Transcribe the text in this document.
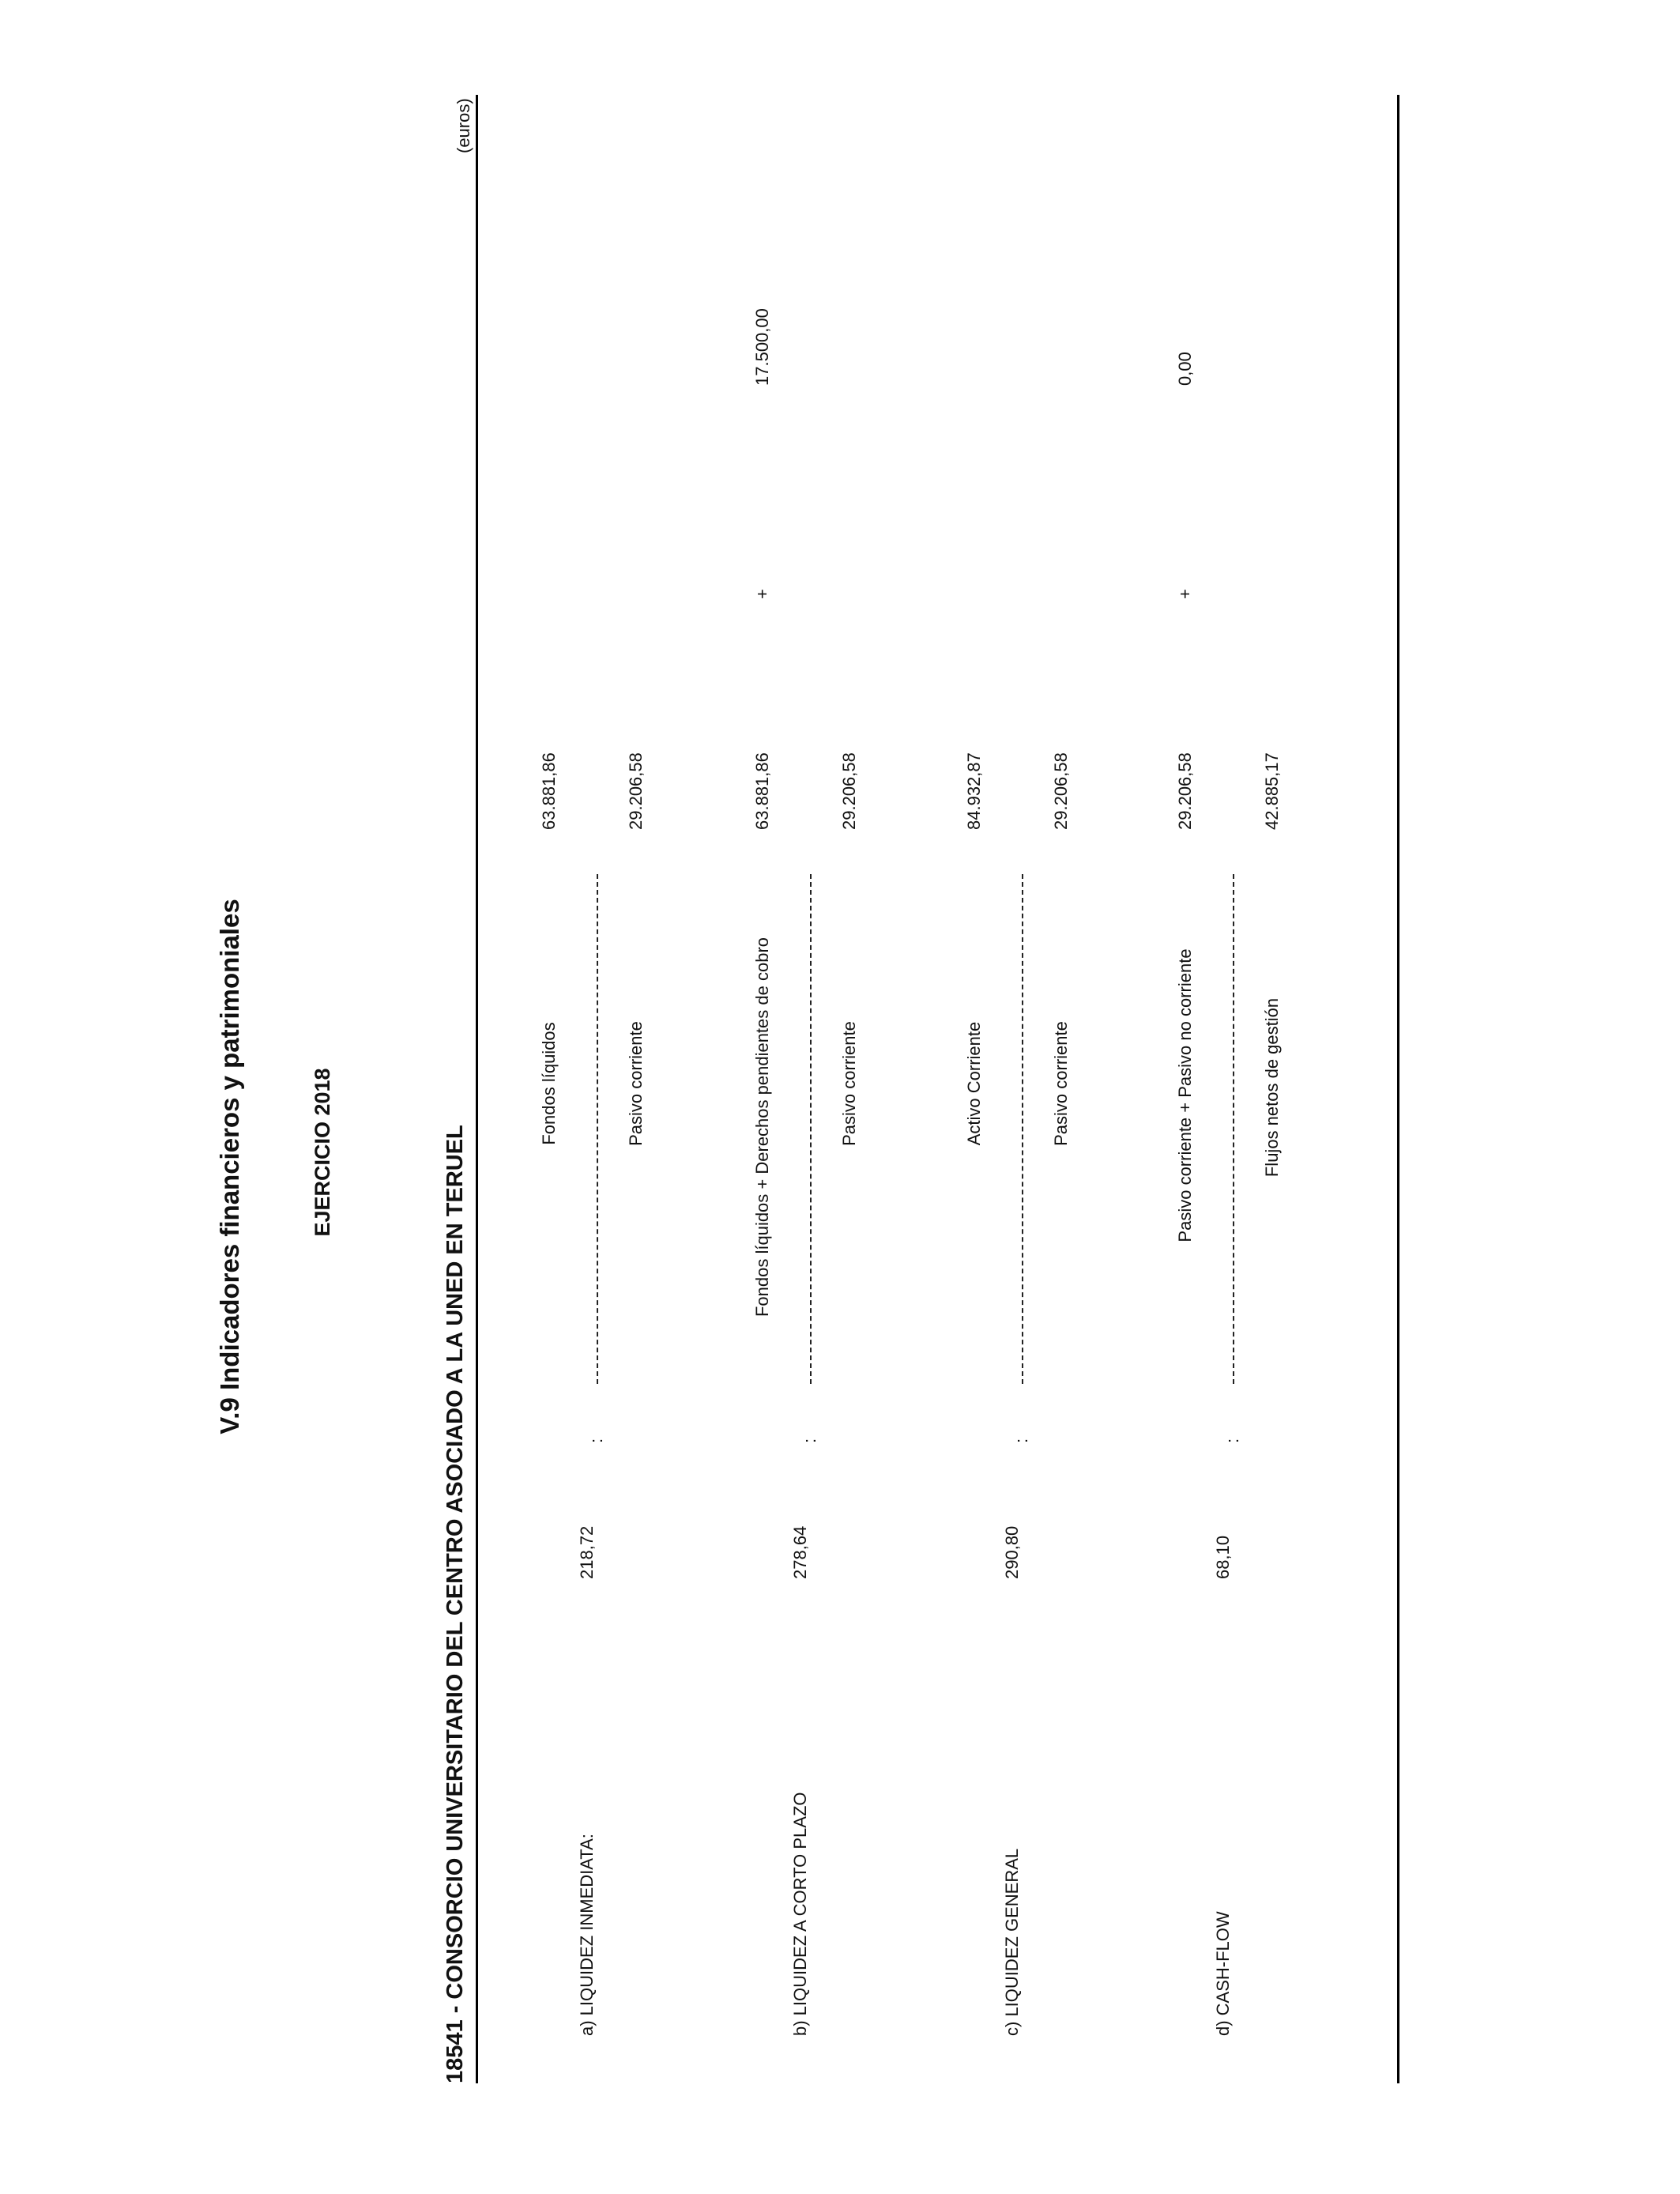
V.9 Indicadores financieros y patrimoniales	EJERCICIO 2018	18541 - CONSORCIO UNIVERSITARIO DEL CENTRO ASOCIADO A LA UNED EN TERUEL
(euros)
a) LIQUIDEZ INMEDIATA:
218,72
:
Fondos líquidos
63.881,86
Pasivo corriente
29.206,58
b) LIQUIDEZ A CORTO PLAZO
278,64
:
Fondos líquidos + Derechos pendientes de cobro
63.881,86
+
17.500,00
Pasivo corriente
29.206,58
c) LIQUIDEZ GENERAL
290,80
:
Activo Corriente
84.932,87
Pasivo corriente
29.206,58
d) CASH-FLOW
68,10
:
Pasivo corriente + Pasivo no corriente
29.206,58
+
0,00
Flujos netos de gestión
42.885,17
